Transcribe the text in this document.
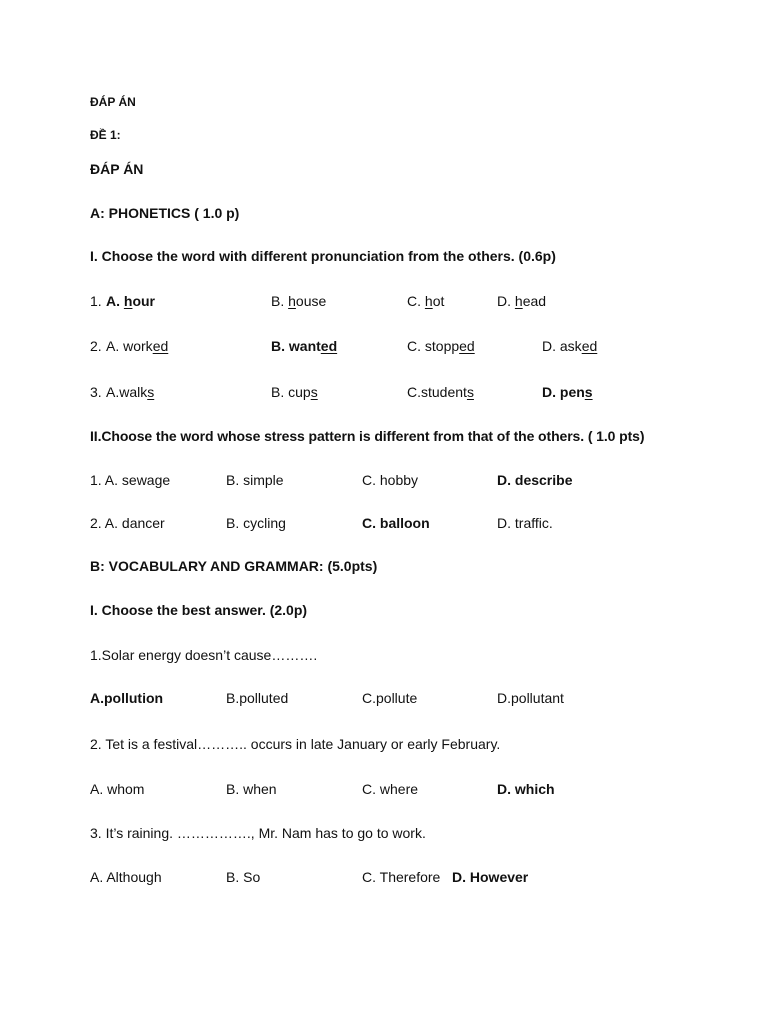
ĐÁP ÁN
ĐỀ 1:
ĐÁP ÁN
A: PHONETICS ( 1.0 p)
I. Choose the word with different pronunciation from the others. (0.6p)
1. A. hour	B. house	C. hot	D. head
2. A. worked	B. wanted	C. stopped	D. asked
3. A.walks	B. cups	C.students	D. pens
II.Choose the word whose stress pattern is different from that of the others. ( 1.0 pts)
1. A. sewage	B. simple	C. hobby	D. describe
2. A. dancer	B. cycling	C. balloon	D. traffic.
B: VOCABULARY AND GRAMMAR: (5.0pts)
I. Choose the best answer. (2.0p)
1.Solar energy doesn’t cause……….
A.pollution	B.polluted	C.pollute	D.pollutant
2. Tet is a festival……….. occurs in late January or early February.
A. whom	B. when	C. where	D. which
3. It’s raining. ……………., Mr. Nam has to go to work.
A. Although	B. So	C. Therefore D. However
